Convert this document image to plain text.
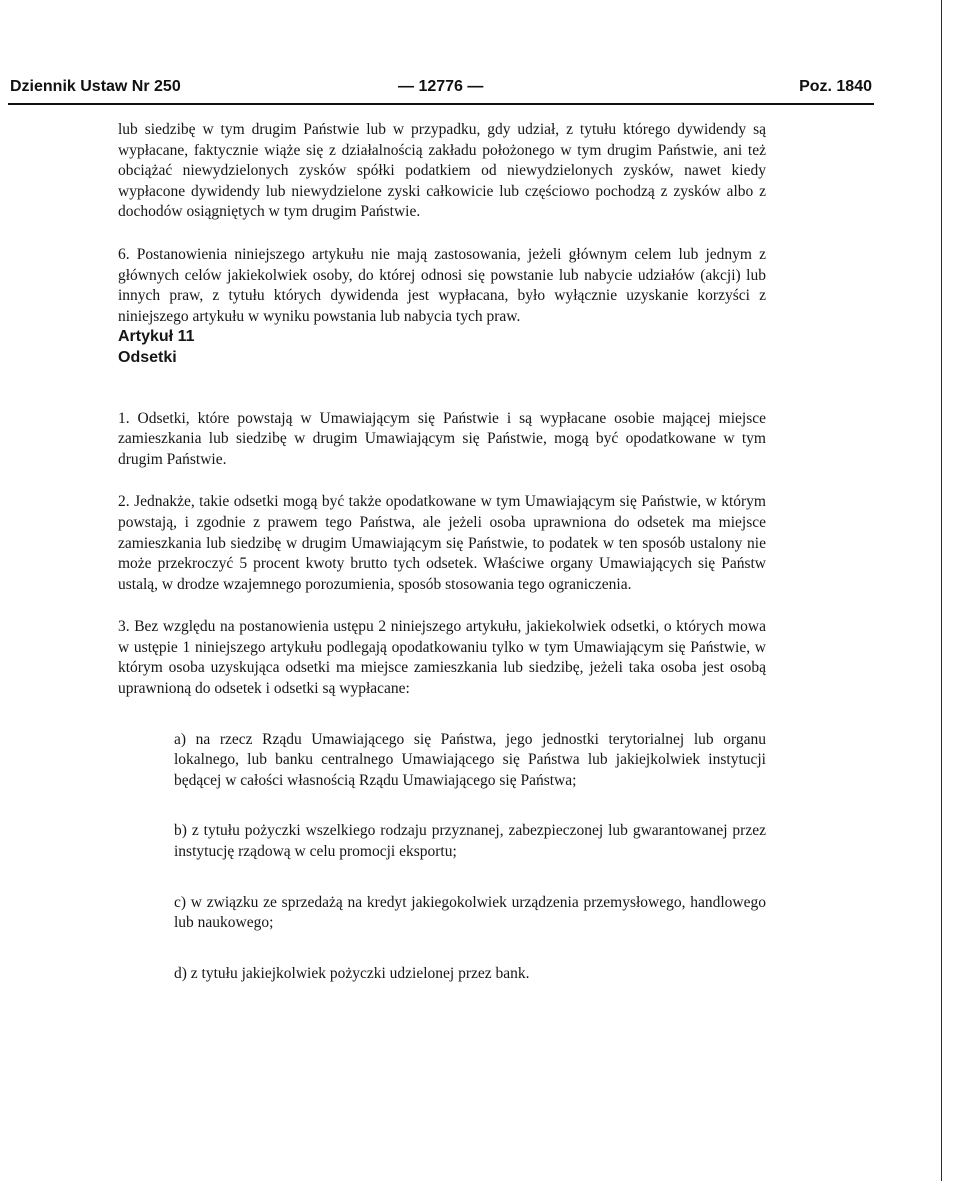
Dziennik Ustaw Nr 250	— 12776 —	Poz. 1840

lub siedzibę w tym drugim Państwie lub w przypadku, gdy udział, z tytułu którego dywidendy są wypłacane, faktycznie wiąże się z działalnością zakładu położonego w tym drugim Państwie, ani też obciążać niewydzielonych zysków spółki podatkiem od niewydzielonych zysków, nawet kiedy wypłacone dywidendy lub niewydzielone zyski całkowicie lub częściowo pochodzą z zysków albo z dochodów osiągniętych w tym drugim Państwie.

6. Postanowienia niniejszego artykułu nie mają zastosowania, jeżeli głównym celem lub jednym z głównych celów jakiekolwiek osoby, do której odnosi się powstanie lub nabycie udziałów (akcji) lub innych praw, z tytułu których dywidenda jest wypłacana, było wyłącznie uzyskanie korzyści z niniejszego artykułu w wyniku powstania lub nabycia tych praw.

Artykuł 11

Odsetki

1. Odsetki, które powstają w Umawiającym się Państwie i są wypłacane osobie mającej miejsce zamieszkania lub siedzibę w drugim Umawiającym się Państwie, mogą być opodatkowane w tym drugim Państwie.

2. Jednakże, takie odsetki mogą być także opodatkowane w tym Umawiającym się Państwie, w którym powstają, i zgodnie z prawem tego Państwa, ale jeżeli osoba uprawniona do odsetek ma miejsce zamieszkania lub siedzibę w drugim Umawiającym się Państwie, to podatek w ten sposób ustalony nie może przekroczyć 5 procent kwoty brutto tych odsetek. Właściwe organy Umawiających się Państw ustalą, w drodze wzajemnego porozumienia, sposób stosowania tego ograniczenia.

3. Bez względu na postanowienia ustępu 2 niniejszego artykułu, jakiekolwiek odsetki, o których mowa w ustępie 1 niniejszego artykułu podlegają opodatkowaniu tylko w tym Umawiającym się Państwie, w którym osoba uzyskująca odsetki ma miejsce zamieszkania lub siedzibę, jeżeli taka osoba jest osobą uprawnioną do odsetek i odsetki są wypłacane:

a) na rzecz Rządu Umawiającego się Państwa, jego jednostki terytorialnej lub organu lokalnego, lub banku centralnego Umawiającego się Państwa lub jakiejkolwiek instytucji będącej w całości własnością Rządu Umawiającego się Państwa;

b) z tytułu pożyczki wszelkiego rodzaju przyznanej, zabezpieczonej lub gwarantowanej przez instytucję rządową w celu promocji eksportu;

c) w związku ze sprzedażą na kredyt jakiegokolwiek urządzenia przemysłowego, handlowego lub naukowego;

d) z tytułu jakiejkolwiek pożyczki udzielonej przez bank.
